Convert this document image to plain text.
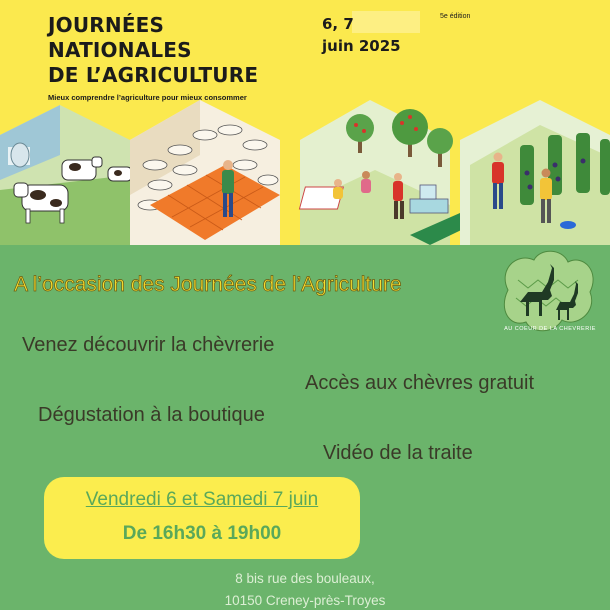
JOURNÉES
NATIONALES
DE L’AGRICULTURE
Mieux comprendre l’agriculture pour mieux consommer
6, 7
juin 2025
5e édition
A l’occasion des Journées de l’Agriculture
Venez découvrir la chèvrerie
Accès aux chèvres gratuit
Dégustation à la boutique
Vidéo de la traite
AU COEUR DE LA CHEVRERIE
Vendredi 6 et Samedi 7 juin
De 16h30 à 19h00
8 bis rue des bouleaux,
10150 Creney-près-Troyes
